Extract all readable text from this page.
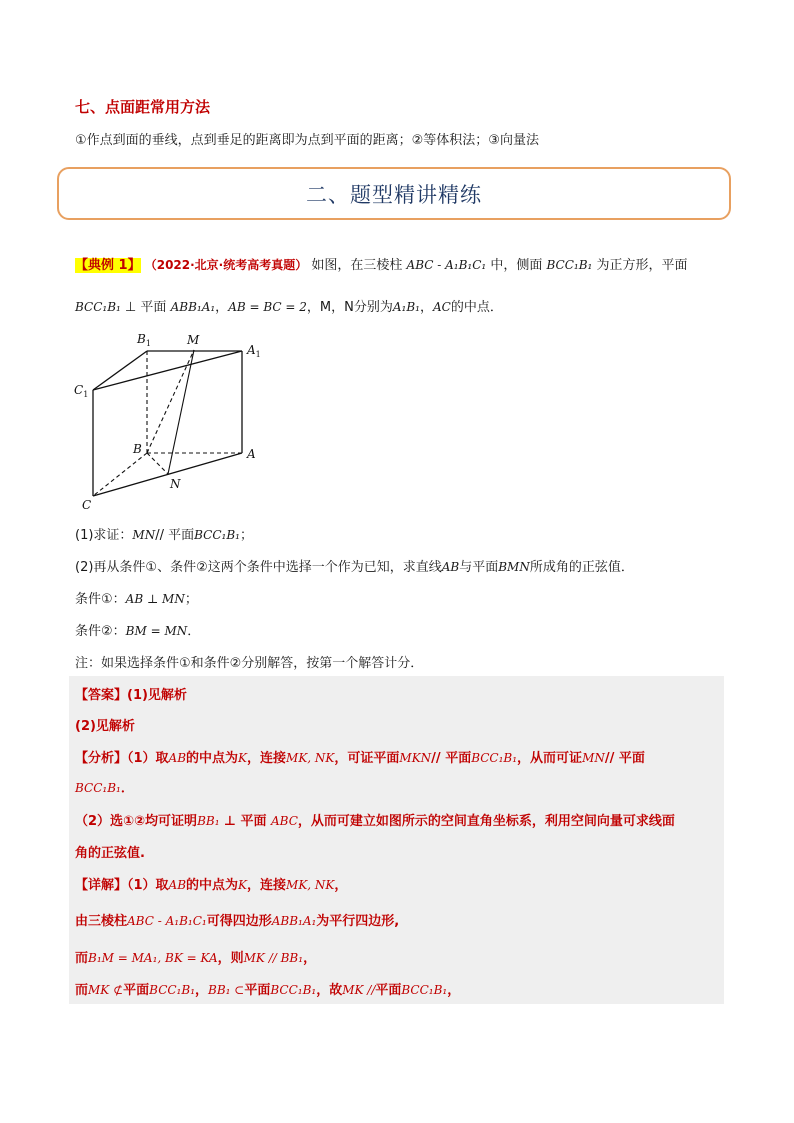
七、点面距常用方法
①作点到面的垂线，点到垂足的距离即为点到平面的距离；②等体积法；③向量法
二、题型精讲精练
【典例 1】 （2022·北京·统考高考真题） 如图，在三棱柱 ABC - A₁B₁C₁ 中，侧面 BCC₁B₁ 为正方形，平面
BCC₁B₁ ⊥ 平面 ABB₁A₁，AB = BC = 2，M，N分别为A₁B₁，AC的中点．
$B_1$	M
$A_1$
$C_1$
B	A
N
C
(1)求证：MN// 平面BCC₁B₁；
(2)再从条件①、条件②这两个条件中选择一个作为已知，求直线AB与平面BMN所成角的正弦值．
条件①：AB ⊥ MN；
条件②：BM = MN．
注：如果选择条件①和条件②分别解答，按第一个解答计分．
【答案】(1)见解析
(2)见解析
【分析】（1）取AB的中点为K，连接MK, NK，可证平面MKN// 平面BCC₁B₁，从而可证MN// 平面
BCC₁B₁．
（2）选①②均可证明BB₁ ⊥ 平面 ABC，从而可建立如图所示的空间直角坐标系，利用空间向量可求线面
角的正弦值.
【详解】（1）取AB的中点为K，连接MK, NK，
由三棱柱ABC - A₁B₁C₁可得四边形ABB₁A₁为平行四边形,
而B₁M = MA₁, BK = KA，则MK // BB₁，
而MK ⊄平面BCC₁B₁，BB₁ ⊂平面BCC₁B₁，故MK //平面BCC₁B₁，
